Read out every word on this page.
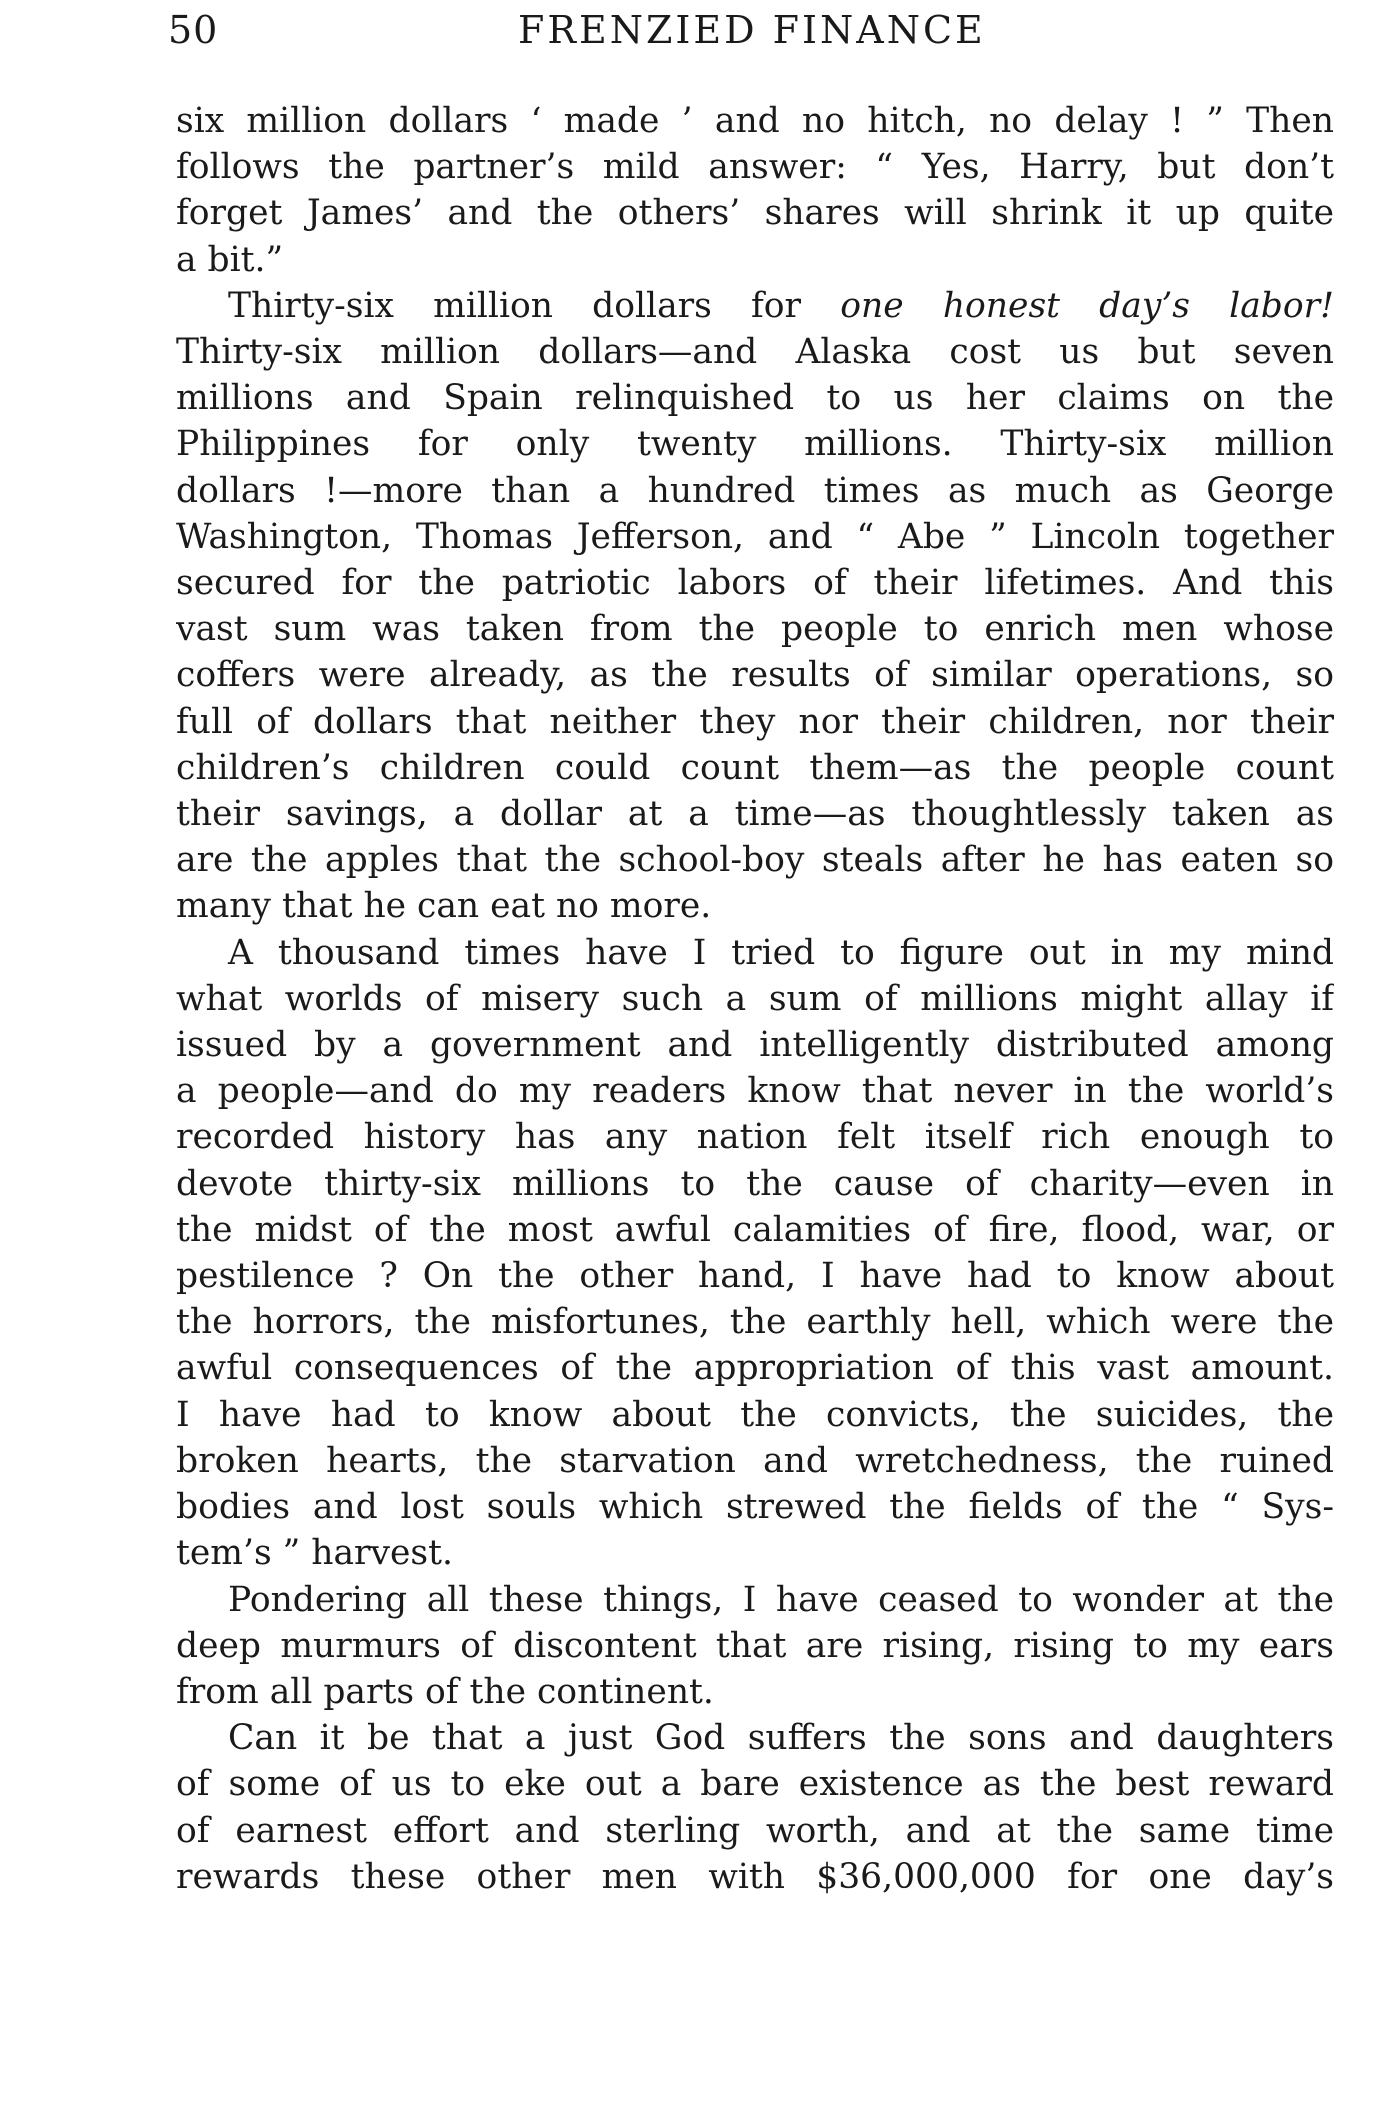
50	FRENZIED FINANCE
six million dollars ‘ made ’ and no hitch, no delay ! ” Then
follows the partner’s mild answer: “ Yes, Harry, but don’t
forget James’ and the others’ shares will shrink it up quite
a bit.”
Thirty-six million dollars for one honest day’s labor!
Thirty-six million dollars—and Alaska cost us but seven
millions and Spain relinquished to us her claims on the
Philippines for only twenty millions. Thirty-six million
dollars !—more than a hundred times as much as George
Washington, Thomas Jefferson, and “ Abe ” Lincoln together
secured for the patriotic labors of their lifetimes. And this
vast sum was taken from the people to enrich men whose
coffers were already, as the results of similar operations, so
full of dollars that neither they nor their children, nor their
children’s children could count them—as the people count
their savings, a dollar at a time—as thoughtlessly taken as
are the apples that the school-boy steals after he has eaten so
many that he can eat no more.
A thousand times have I tried to figure out in my mind
what worlds of misery such a sum of millions might allay if
issued by a government and intelligently distributed among
a people—and do my readers know that never in the world’s
recorded history has any nation felt itself rich enough to
devote thirty-six millions to the cause of charity—even in
the midst of the most awful calamities of fire, flood, war, or
pestilence ? On the other hand, I have had to know about
the horrors, the misfortunes, the earthly hell, which were the
awful consequences of the appropriation of this vast amount.
I have had to know about the convicts, the suicides, the
broken hearts, the starvation and wretchedness, the ruined
bodies and lost souls which strewed the fields of the “ Sys-
tem’s ” harvest.
Pondering all these things, I have ceased to wonder at the
deep murmurs of discontent that are rising, rising to my ears
from all parts of the continent.
Can it be that a just God suffers the sons and daughters
of some of us to eke out a bare existence as the best reward
of earnest effort and sterling worth, and at the same time
rewards these other men with $36,000,000 for one day’s
